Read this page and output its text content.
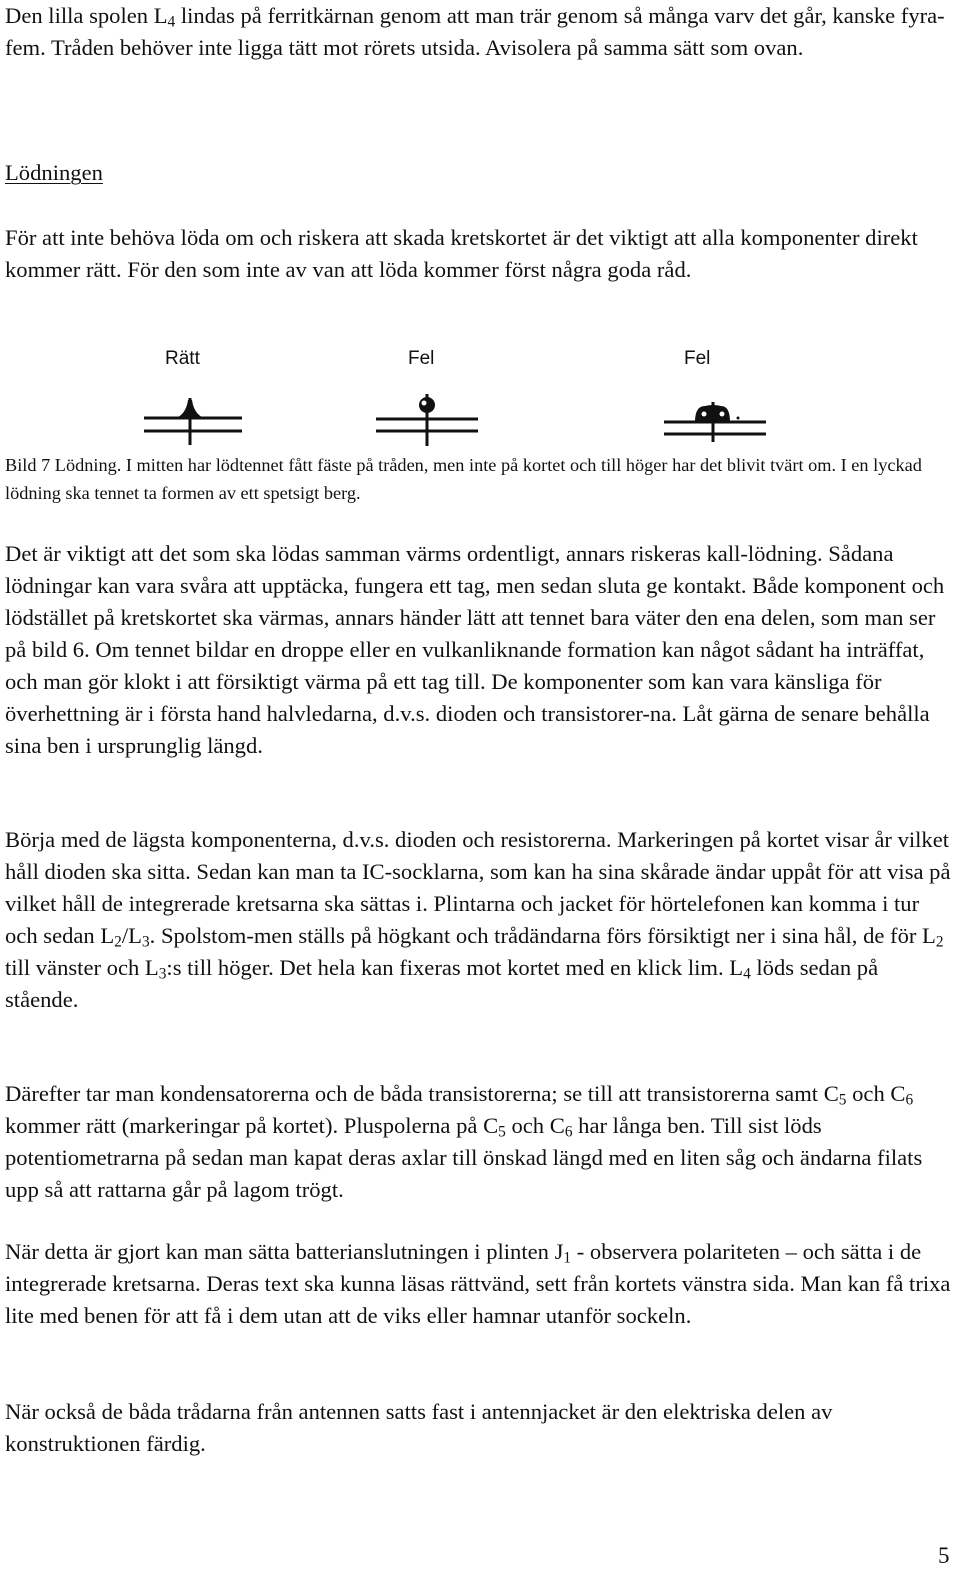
Den lilla spolen $L_4$ lindas på ferritkärnan genom att man trär genom så många varv det går, kanske fyra-fem. Tråden behöver inte ligga tätt mot rörets utsida. Avisolera på samma sätt som ovan.

Lödningen

För att inte behöva löda om och riskera att skada kretskortet är det viktigt att alla komponenter direkt kommer rätt. För den som inte av van att löda kommer först några goda råd.

Rätt	Fel	Fel

Bild 7 Lödning. I mitten har lödtennet fått fäste på tråden, men inte på kortet och till höger har det blivit tvärt om. I en lyckad lödning ska tennet ta formen av ett spetsigt berg.

Det är viktigt att det som ska lödas samman värms ordentligt, annars riskeras kall-lödning. Sådana lödningar kan vara svåra att upptäcka, fungera ett tag, men sedan sluta ge kontakt. Både komponent och lödstället på kretskortet ska värmas, annars händer lätt att tennet bara väter den ena delen, som man ser på bild 6. Om tennet bildar en droppe eller en vulkanliknande formation kan något sådant ha inträffat, och man gör klokt i att försiktigt värma på ett tag till. De komponenter som kan vara känsliga för överhettning är i första hand halvledarna, d.v.s. dioden och transistorer-na. Låt gärna de senare behålla sina ben i ursprunglig längd.

Börja med de lägsta komponenterna, d.v.s. dioden och resistorerna. Markeringen på kortet visar år vilket håll dioden ska sitta. Sedan kan man ta IC-socklarna, som kan ha sina skårade ändar uppåt för att visa på vilket håll de integrerade kretsarna ska sättas i. Plintarna och jacket för hörtelefonen kan komma i tur och sedan $L_2/L_3$. Spolstom-men ställs på högkant och trådändarna förs försiktigt ner i sina hål, de för $L_2$ till vänster och $L_3:s$ till höger. Det hela kan fixeras mot kortet med en klick lim. $L_4$ löds sedan på stående.

Därefter tar man kondensatorerna och de båda transistorerna; se till att transistorerna samt $C_5$ och $C_6$ kommer rätt (markeringar på kortet). Pluspolerna på $C_5$ och $C_6$ har långa ben. Till sist löds potentiometrarna på sedan man kapat deras axlar till önskad längd med en liten såg och ändarna filats upp så att rattarna går på lagom trögt.

När detta är gjort kan man sätta batterianslutningen i plinten $J_1$ - observera polariteten – och sätta i de integrerade kretsarna. Deras text ska kunna läsas rättvänd, sett från kortets vänstra sida. Man kan få trixa lite med benen för att få i dem utan att de viks eller hamnar utanför sockeln.

När också de båda trådarna från antennen satts fast i antennjacket är den elektriska delen av konstruktionen färdig.

5
